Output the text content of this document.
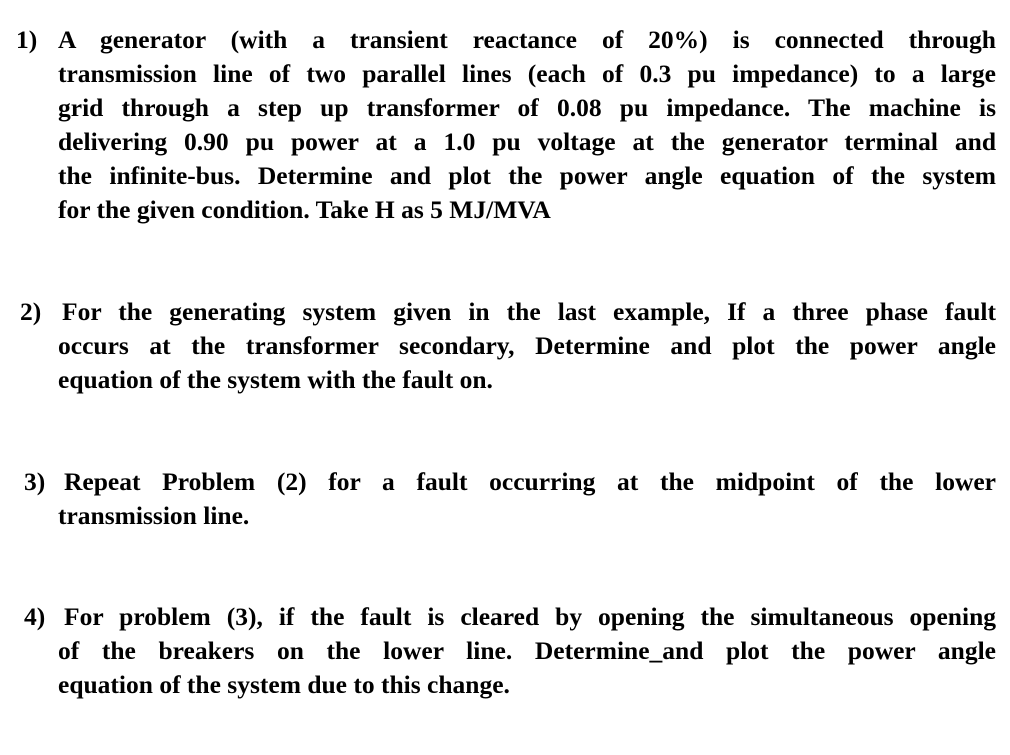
1) A generator (with a transient reactance of 20%) is connected through
transmission line of two parallel lines (each of 0.3 pu impedance) to a large
grid through a step up transformer of 0.08 pu impedance. The machine is
delivering 0.90 pu power at a 1.0 pu voltage at the generator terminal and
the infinite-bus. Determine and plot the power angle equation of the system
for the given condition. Take H as 5 MJ/MVA
2) For the generating system given in the last example, If a three phase fault
occurs at the transformer secondary, Determine and plot the power angle
equation of the system with the fault on.
3) Repeat Problem (2) for a fault occurring at the midpoint of the lower
transmission line.
4) For problem (3), if the fault is cleared by opening the simultaneous opening
of the breakers on the lower line. Determine_and plot the power angle
equation of the system due to this change.
